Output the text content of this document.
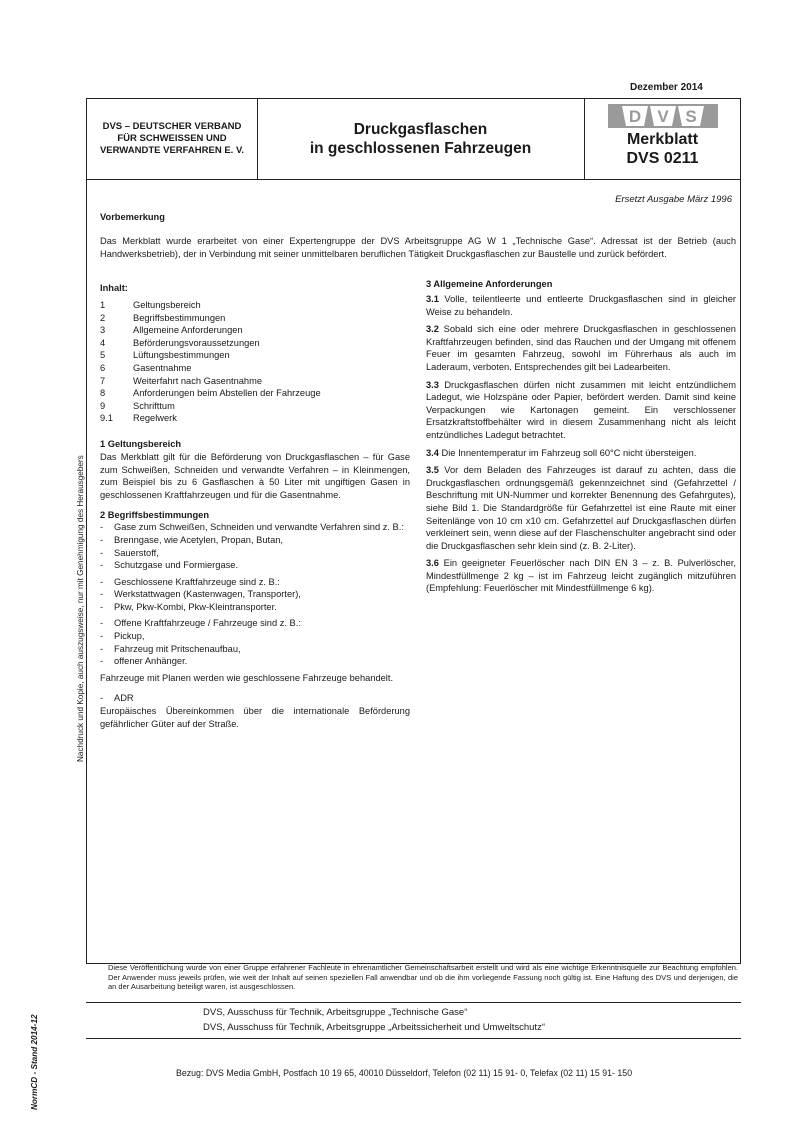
Dezember 2014
DVS – DEUTSCHER VERBAND
FÜR SCHWEISSEN UND
VERWANDTE VERFAHREN E. V.
Druckgasflaschen
in geschlossenen Fahrzeugen
D V S
Merkblatt
DVS 0211
Ersetzt Ausgabe März 1996
Vorbemerkung
Das Merkblatt wurde erarbeitet von einer Expertengruppe der DVS Arbeitsgruppe AG W 1 „Technische Gase“. Adressat ist der Betrieb (auch Handwerksbetrieb), der in Verbindung mit seiner unmittelbaren beruflichen Tätigkeit Druckgasflaschen zur Baustelle und zurück befördert.
Inhalt:
1	Geltungsbereich
2	Begriffsbestimmungen
3	Allgemeine Anforderungen
4	Beförderungsvoraussetzungen
5	Lüftungsbestimmungen
6	Gasentnahme
7	Weiterfahrt nach Gasentnahme
8	Anforderungen beim Abstellen der Fahrzeuge
9	Schrifttum
9.1	Regelwerk
1 Geltungsbereich
Das Merkblatt gilt für die Beförderung von Druckgasflaschen – für Gase zum Schweißen, Schneiden und verwandte Verfahren – in Kleinmengen, zum Beispiel bis zu 6 Gasflaschen à 50 Liter mit ungiftigen Gasen in geschlossenen Kraftfahrzeugen und für die Gasentnahme.
2 Begriffsbestimmungen
-	Gase zum Schweißen, Schneiden und verwandte Verfahren sind z. B.:
-	Brenngase, wie Acetylen, Propan, Butan,
-	Sauerstoff,
-	Schutzgase und Formiergase.
-	Geschlossene Kraftfahrzeuge sind z. B.:
-	Werkstattwagen (Kastenwagen, Transporter),
-	Pkw, Pkw-Kombi, Pkw-Kleintransporter.
-	Offene Kraftfahrzeuge / Fahrzeuge sind z. B.:
-	Pickup,
-	Fahrzeug mit Pritschenaufbau,
-	offener Anhänger.
Fahrzeuge mit Planen werden wie geschlossene Fahrzeuge behandelt.
-	ADR
Europäisches Übereinkommen über die internationale Beförderung gefährlicher Güter auf der Straße.
3 Allgemeine Anforderungen
3.1 Volle, teilentleerte und entleerte Druckgasflaschen sind in gleicher Weise zu behandeln.
3.2 Sobald sich eine oder mehrere Druckgasflaschen in geschlossenen Kraftfahrzeugen befinden, sind das Rauchen und der Umgang mit offenem Feuer im gesamten Fahrzeug, sowohl im Führerhaus als auch im Laderaum, verboten. Entsprechendes gilt bei Ladearbeiten.
3.3 Druckgasflaschen dürfen nicht zusammen mit leicht entzündlichem Ladegut, wie Holzspäne oder Papier, befördert werden. Damit sind keine Verpackungen wie Kartonagen gemeint. Ein verschlossener Ersatzkraftstoffbehälter wird in diesem Zusammenhang nicht als leicht entzündliches Ladegut betrachtet.
3.4 Die Innentemperatur im Fahrzeug soll 60°C nicht übersteigen.
3.5 Vor dem Beladen des Fahrzeuges ist darauf zu achten, dass die Druckgasflaschen ordnungsgemäß gekennzeichnet sind (Gefahrzettel / Beschriftung mit UN-Nummer und korrekter Benennung des Gefahrgutes), siehe Bild 1. Die Standardgröße für Gefahrzettel ist eine Raute mit einer Seitenlänge von 10 cm x10 cm. Gefahrzettel auf Druckgasflaschen dürfen verkleinert sein, wenn diese auf der Flaschenschulter angebracht sind oder die Druckgasflaschen sehr klein sind (z. B. 2-Liter).
3.6 Ein geeigneter Feuerlöscher nach DIN EN 3 – z. B. Pulverlöscher, Mindestfüllmenge 2 kg – ist im Fahrzeug leicht zugänglich mitzuführen (Empfehlung: Feuerlöscher mit Mindestfüllmenge 6 kg).
Diese Veröffentlichung wurde von einer Gruppe erfahrener Fachleute in ehrenamtlicher Gemeinschaftsarbeit erstellt und wird als eine wichtige Erkenntnisquelle zur Beachtung empfohlen. Der Anwender muss jeweils prüfen, wie weit der Inhalt auf seinen speziellen Fall anwendbar und ob die ihm vorliegende Fassung noch gültig ist. Eine Haftung des DVS und derjenigen, die an der Ausarbeitung beteiligt waren, ist ausgeschlossen.
DVS, Ausschuss für Technik, Arbeitsgruppe „Technische Gase“
DVS, Ausschuss für Technik, Arbeitsgruppe „Arbeitssicherheit und Umweltschutz“
Bezug: DVS Media GmbH, Postfach 10 19 65, 40010 Düsseldorf, Telefon (02 11) 15 91- 0, Telefax (02 11) 15 91- 150
Nachdruck und Kopie, auch auszugsweise, nur mit Genehmigung des Herausgebers
NormCD - Stand 2014-12
